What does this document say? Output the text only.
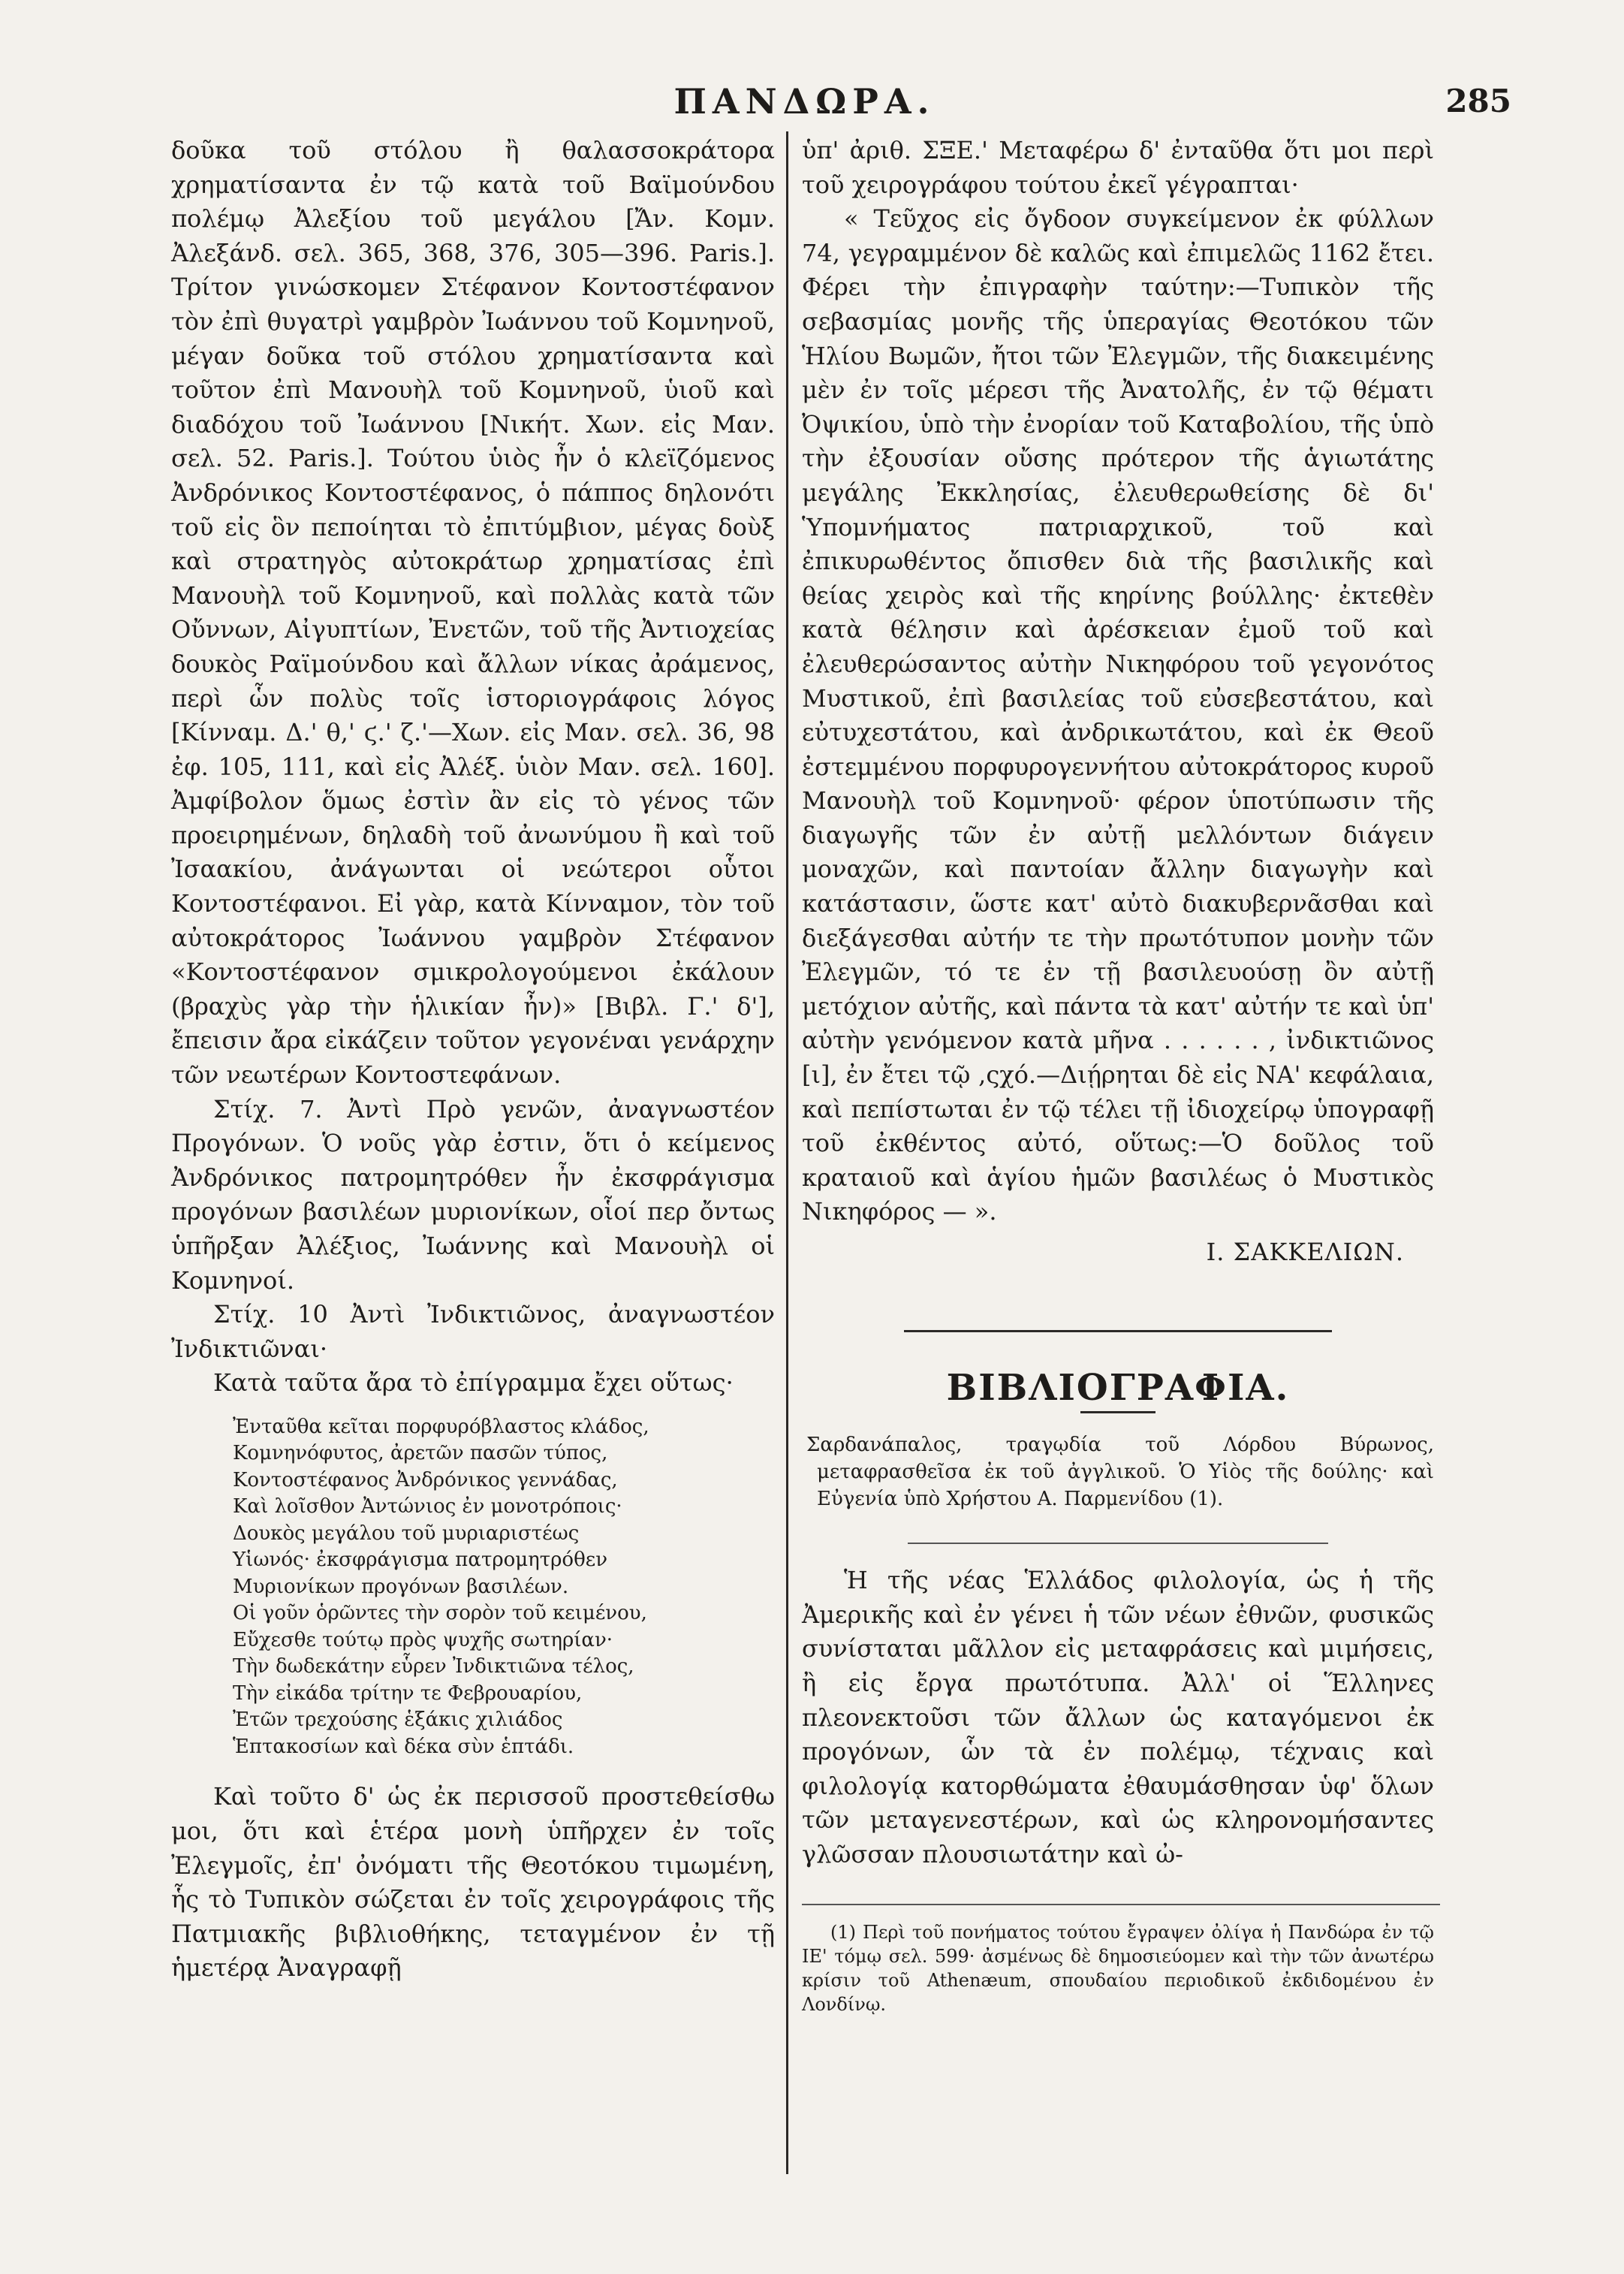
ΠΑΝΔΩΡΑ.	285

δοῦκα τοῦ στόλου ἢ θαλασσοκράτορα χρηματίσαντα ἐν τῷ κατὰ τοῦ Βαϊμούνδου πολέμῳ Ἀλεξίου τοῦ μεγάλου [Ἄν. Κομν. Ἀλεξάνδ. σελ. 365, 368, 376, 305—396. Paris.]. Τρίτον γινώσκομεν Στέφανον Κοντοστέφανον τὸν ἐπὶ θυγατρὶ γαμβρὸν Ἰωάννου τοῦ Κομνηνοῦ, μέγαν δοῦκα τοῦ στόλου χρηματίσαντα καὶ τοῦτον ἐπὶ Μανουὴλ τοῦ Κομνηνοῦ, ὑιοῦ καὶ διαδόχου τοῦ Ἰωάννου [Νικήτ. Χων. εἰς Μαν. σελ. 52. Paris.]. Τούτου ὑιὸς ἦν ὁ κλεϊζόμενος Ἀνδρόνικος Κοντοστέφανος, ὁ πάππος δηλονότι τοῦ εἰς ὃν πεποίηται τὸ ἐπιτύμβιον, μέγας δοὺξ καὶ στρατηγὸς αὐτοκράτωρ χρηματίσας ἐπὶ Μανουὴλ τοῦ Κομνηνοῦ, καὶ πολλὰς κατὰ τῶν Οὔννων, Αἰγυπτίων, Ἐνετῶν, τοῦ τῆς Ἀντιοχείας δουκὸς Ραϊμούνδου καὶ ἄλλων νίκας ἀράμενος, περὶ ὧν πολὺς τοῖς ἱστοριογράφοις λόγος [Κίνναμ. Δ.' θ,' ϛ.' ζ.'—Χων. εἰς Μαν. σελ. 36, 98 ἐφ. 105, 111, καὶ εἰς Ἀλέξ. ὑιὸν Μαν. σελ. 160]. Ἀμφίβολον ὅμως ἐστὶν ἂν εἰς τὸ γένος τῶν προειρημένων, δηλαδὴ τοῦ ἀνωνύμου ἢ καὶ τοῦ Ἰσαακίου, ἀνάγωνται οἱ νεώτεροι οὗτοι Κοντοστέφανοι. Εἰ γὰρ, κατὰ Κίνναμον, τὸν τοῦ αὐτοκράτορος Ἰωάννου γαμβρὸν Στέφανον «Κοντοστέφανον σμικρολογούμενοι ἐκάλουν (βραχὺς γὰρ τὴν ἡλικίαν ἦν)» [Βιβλ. Γ.' δ'], ἔπεισιν ἄρα εἰκάζειν τοῦτον γεγονέναι γενάρχην τῶν νεωτέρων Κοντοστεφάνων.

Στίχ. 7. Ἀντὶ Πρὸ γενῶν, ἀναγνωστέον Προγόνων. Ὁ νοῦς γὰρ ἐστιν, ὅτι ὁ κείμενος Ἀνδρόνικος πατρομητρόθεν ἦν ἐκσφράγισμα προγόνων βασιλέων μυριονίκων, οἷοί περ ὄντως ὑπῆρξαν Ἀλέξιος, Ἰωάννης καὶ Μανουὴλ οἱ Κομνηνοί.

Στίχ. 10 Ἀντὶ Ἰνδικτιῶνος, ἀναγνωστέον Ἰνδικτιῶναι·

Κατὰ ταῦτα ἄρα τὸ ἐπίγραμμα ἔχει οὕτως·

Ἐνταῦθα κεῖται πορφυρόβλαστος κλάδος,
Κομνηνόφυτος, ἀρετῶν πασῶν τύπος,
Κοντοστέφανος Ἀνδρόνικος γεννάδας,
Καὶ λοῖσθον Ἀντώνιος ἐν μονοτρόποις·
Δουκὸς μεγάλου τοῦ μυριαριστέως
Υἱωνός· ἐκσφράγισμα πατρομητρόθεν
Μυριονίκων προγόνων βασιλέων.
Οἱ γοῦν ὁρῶντες τὴν σορὸν τοῦ κειμένου,
Εὔχεσθε τούτῳ πρὸς ψυχῆς σωτηρίαν·
Τὴν δωδεκάτην εὗρεν Ἰνδικτιῶνα τέλος,
Τὴν εἰκάδα τρίτην τε Φεβρουαρίου,
Ἐτῶν τρεχούσης ἑξάκις χιλιάδος
Ἑπτακοσίων καὶ δέκα σὺν ἑπτάδι.

Καὶ τοῦτο δ' ὡς ἐκ περισσοῦ προστεθείσθω μοι, ὅτι καὶ ἑτέρα μονὴ ὑπῆρχεν ἐν τοῖς Ἐλεγμοῖς, ἐπ' ὀνόματι τῆς Θεοτόκου τιμωμένη, ἧς τὸ Τυπικὸν σώζεται ἐν τοῖς χειρογράφοις τῆς Πατμιακῆς βιβλιοθήκης, τεταγμένον ἐν τῇ ἡμετέρᾳ Ἀναγραφῇ

ὑπ' ἀριθ. ΣΞΕ.' Μεταφέρω δ' ἐνταῦθα ὅτι μοι περὶ τοῦ χειρογράφου τούτου ἐκεῖ γέγραπται·

« Τεῦχος εἰς ὄγδοον συγκείμενον ἐκ φύλλων 74, γεγραμμένον δὲ καλῶς καὶ ἐπιμελῶς 1162 ἔτει. Φέρει τὴν ἐπιγραφὴν ταύτην:—Τυπικὸν τῆς σεβασμίας μονῆς τῆς ὑπεραγίας Θεοτόκου τῶν Ἡλίου Βωμῶν, ἤτοι τῶν Ἐλεγμῶν, τῆς διακειμένης μὲν ἐν τοῖς μέρεσι τῆς Ἀνατολῆς, ἐν τῷ θέματι Ὀψικίου, ὑπὸ τὴν ἐνορίαν τοῦ Καταβολίου, τῆς ὑπὸ τὴν ἐξουσίαν οὔσης πρότερον τῆς ἁγιωτάτης μεγάλης Ἐκκλησίας, ἐλευθερωθείσης δὲ δι' Ὑπομνήματος πατριαρχικοῦ, τοῦ καὶ ἐπικυρωθέντος ὄπισθεν διὰ τῆς βασιλικῆς καὶ θείας χειρὸς καὶ τῆς κηρίνης βούλλης· ἐκτεθὲν κατὰ θέλησιν καὶ ἀρέσκειαν ἐμοῦ τοῦ καὶ ἐλευθερώσαντος αὐτὴν Νικηφόρου τοῦ γεγονότος Μυστικοῦ, ἐπὶ βασιλείας τοῦ εὐσεβεστάτου, καὶ εὐτυχεστάτου, καὶ ἀνδρικωτάτου, καὶ ἐκ Θεοῦ ἐστεμμένου πορφυρογεννήτου αὐτοκράτορος κυροῦ Μανουὴλ τοῦ Κομνηνοῦ· φέρον ὑποτύπωσιν τῆς διαγωγῆς τῶν ἐν αὐτῇ μελλόντων διάγειν μοναχῶν, καὶ παντοίαν ἄλλην διαγωγὴν καὶ κατάστασιν, ὥστε κατ' αὐτὸ διακυβερνᾶσθαι καὶ διεξάγεσθαι αὐτήν τε τὴν πρωτότυπον μονὴν τῶν Ἐλεγμῶν, τό τε ἐν τῇ βασιλευούσῃ ὂν αὐτῇ μετόχιον αὐτῆς, καὶ πάντα τὰ κατ' αὐτήν τε καὶ ὑπ' αὐτὴν γενόμενον κατὰ μῆνα . . . . . . , ἰνδικτιῶνος [ι], ἐν ἔτει τῷ ,ςχό.—Διῄρηται δὲ εἰς ΝΑ' κεφάλαια, καὶ πεπίστωται ἐν τῷ τέλει τῇ ἰδιοχείρῳ ὑπογραφῇ τοῦ ἐκθέντος αὐτό, οὕτως:—Ὁ δοῦλος τοῦ κραταιοῦ καὶ ἁγίου ἡμῶν βασιλέως ὁ Μυστικὸς Νικηφόρος — ».

Ι. ΣΑΚΚΕΛΙΩΝ.

ΒΙΒΛΙΟΓΡΑΦΙΑ.

Σαρδανάπαλος, τραγῳδία τοῦ Λόρδου Βύρωνος, μεταφρασθεῖσα ἐκ τοῦ ἀγγλικοῦ. Ὁ Υἱὸς τῆς δούλης· καὶ Εὐγενία ὑπὸ Χρήστου Α. Παρμενίδου (1).

Ἡ τῆς νέας Ἑλλάδος φιλολογία, ὡς ἡ τῆς Ἀμερικῆς καὶ ἐν γένει ἡ τῶν νέων ἐθνῶν, φυσικῶς συνίσταται μᾶλλον εἰς μεταφράσεις καὶ μιμήσεις, ἢ εἰς ἔργα πρωτότυπα. Ἀλλ' οἱ Ἕλληνες πλεονεκτοῦσι τῶν ἄλλων ὡς καταγόμενοι ἐκ προγόνων, ὧν τὰ ἐν πολέμῳ, τέχναις καὶ φιλολογίᾳ κατορθώματα ἐθαυμάσθησαν ὑφ' ὅλων τῶν μεταγενεστέρων, καὶ ὡς κληρονομήσαντες γλῶσσαν πλουσιωτάτην καὶ ὠ-

(1) Περὶ τοῦ πονήματος τούτου ἔγραψεν ὀλίγα ἡ Πανδώρα ἐν τῷ ΙΕ' τόμῳ σελ. 599· ἀσμένως δὲ δημοσιεύομεν καὶ τὴν τῶν ἀνωτέρω κρίσιν τοῦ Athenæum, σπουδαίου περιοδικοῦ ἐκδιδομένου ἐν Λονδίνῳ.
